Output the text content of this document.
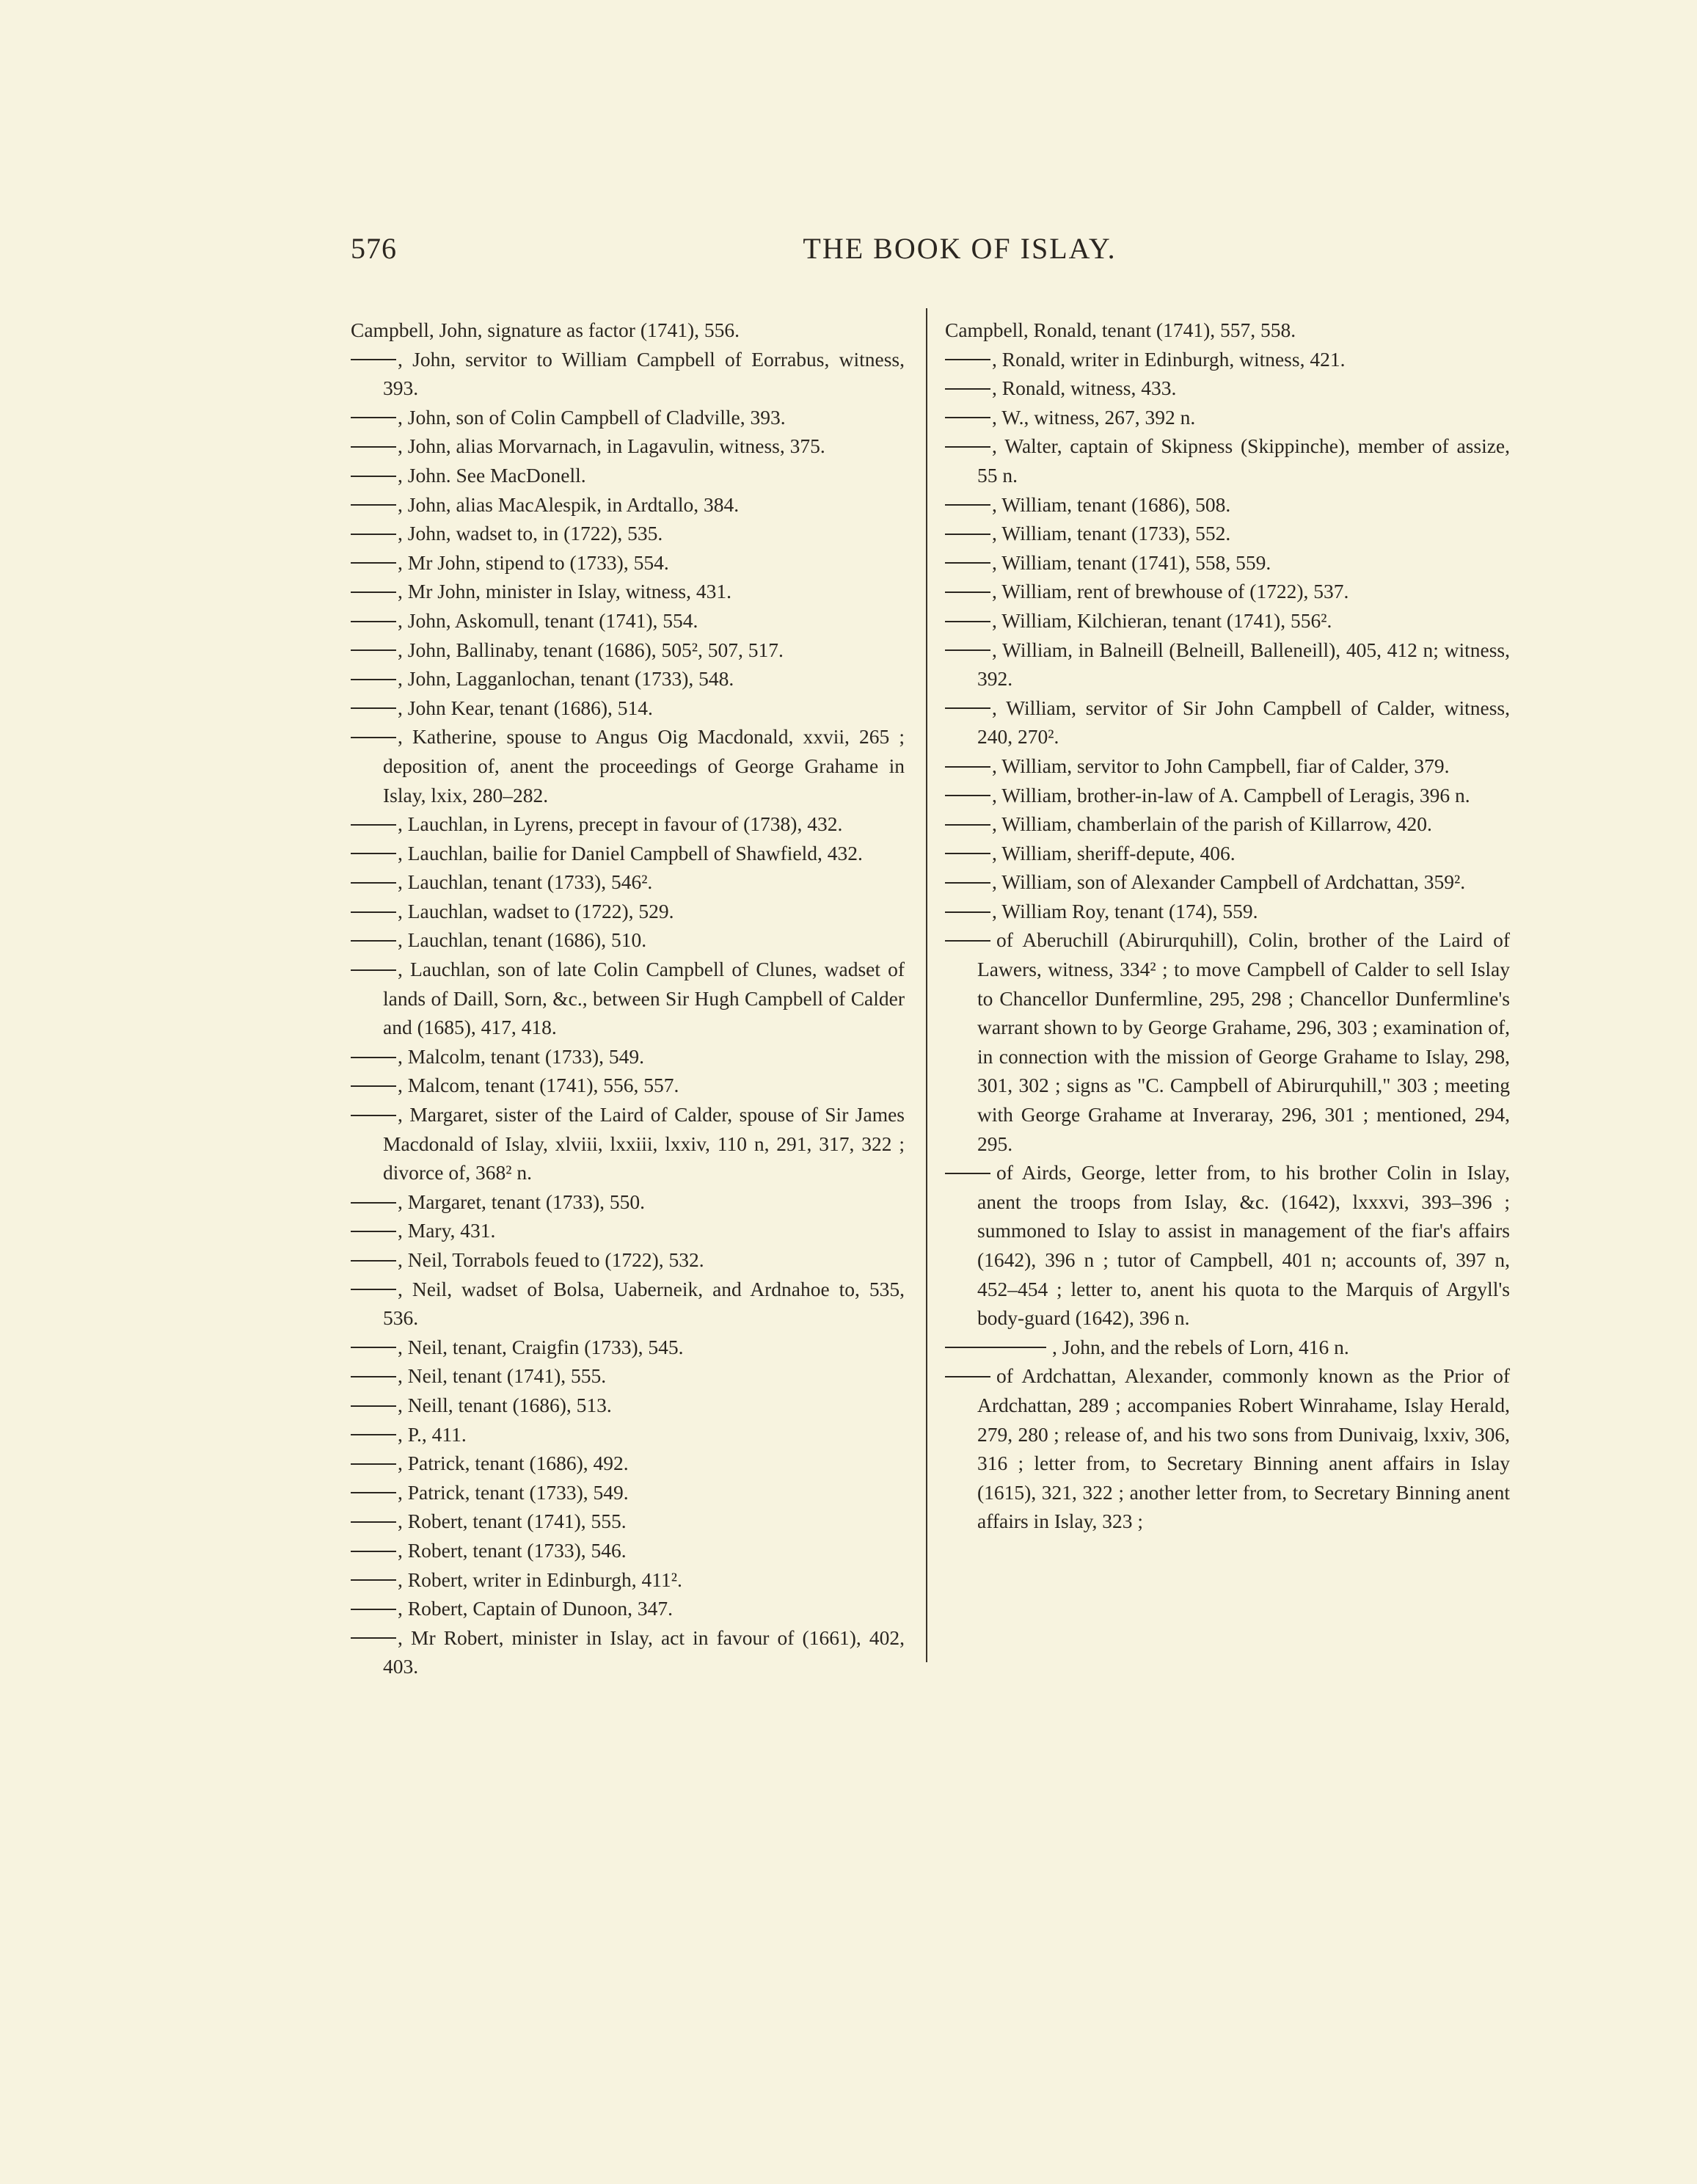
576	THE BOOK OF ISLAY.
Campbell, John, signature as factor (1741), 556.
, John, servitor to William Campbell of Eorrabus, witness, 393.
, John, son of Colin Campbell of Cladville, 393.
, John, alias Morvarnach, in Lagavulin, witness, 375.
, John. See MacDonell.
, John, alias MacAlespik, in Ardtallo, 384.
, John, wadset to, in (1722), 535.
, Mr John, stipend to (1733), 554.
, Mr John, minister in Islay, witness, 431.
, John, Askomull, tenant (1741), 554.
, John, Ballinaby, tenant (1686), 505², 507, 517.
, John, Lagganlochan, tenant (1733), 548.
, John Kear, tenant (1686), 514.
, Katherine, spouse to Angus Oig Macdonald, xxvii, 265 ; deposition of, anent the proceedings of George Grahame in Islay, lxix, 280–282.
, Lauchlan, in Lyrens, precept in favour of (1738), 432.
, Lauchlan, bailie for Daniel Campbell of Shawfield, 432.
, Lauchlan, tenant (1733), 546².
, Lauchlan, wadset to (1722), 529.
, Lauchlan, tenant (1686), 510.
, Lauchlan, son of late Colin Campbell of Clunes, wadset of lands of Daill, Sorn, &c., between Sir Hugh Campbell of Calder and (1685), 417, 418.
, Malcolm, tenant (1733), 549.
, Malcom, tenant (1741), 556, 557.
, Margaret, sister of the Laird of Calder, spouse of Sir James Macdonald of Islay, xlviii, lxxiii, lxxiv, 110 n, 291, 317, 322 ; divorce of, 368² n.
, Margaret, tenant (1733), 550.
, Mary, 431.
, Neil, Torrabols feued to (1722), 532.
, Neil, wadset of Bolsa, Uaberneik, and Ardnahoe to, 535, 536.
, Neil, tenant, Craigfin (1733), 545.
, Neil, tenant (1741), 555.
, Neill, tenant (1686), 513.
, P., 411.
, Patrick, tenant (1686), 492.
, Patrick, tenant (1733), 549.
, Robert, tenant (1741), 555.
, Robert, tenant (1733), 546.
, Robert, writer in Edinburgh, 411².
, Robert, Captain of Dunoon, 347.
, Mr Robert, minister in Islay, act in favour of (1661), 402, 403.
Campbell, Ronald, tenant (1741), 557, 558.
, Ronald, writer in Edinburgh, witness, 421.
, Ronald, witness, 433.
, W., witness, 267, 392 n.
, Walter, captain of Skipness (Skippinche), member of assize, 55 n.
, William, tenant (1686), 508.
, William, tenant (1733), 552.
, William, tenant (1741), 558, 559.
, William, rent of brewhouse of (1722), 537.
, William, Kilchieran, tenant (1741), 556².
, William, in Balneill (Belneill, Balleneill), 405, 412 n; witness, 392.
, William, servitor of Sir John Campbell of Calder, witness, 240, 270².
, William, servitor to John Campbell, fiar of Calder, 379.
, William, brother-in-law of A. Campbell of Leragis, 396 n.
, William, chamberlain of the parish of Killarrow, 420.
, William, sheriff-depute, 406.
, William, son of Alexander Campbell of Ardchattan, 359².
, William Roy, tenant (174), 559.
of Aberuchill (Abirurquhill), Colin, brother of the Laird of Lawers, witness, 334² ; to move Campbell of Calder to sell Islay to Chancellor Dunfermline, 295, 298 ; Chancellor Dunfermline's warrant shown to by George Grahame, 296, 303 ; examination of, in connection with the mission of George Grahame to Islay, 298, 301, 302 ; signs as "C. Campbell of Abirurquhill," 303 ; meeting with George Grahame at Inveraray, 296, 301 ; mentioned, 294, 295.
of Airds, George, letter from, to his brother Colin in Islay, anent the troops from Islay, &c. (1642), lxxxvi, 393–396 ; summoned to Islay to assist in management of the fiar's affairs (1642), 396 n ; tutor of Campbell, 401 n; accounts of, 397 n, 452–454 ; letter to, anent his quota to the Marquis of Argyll's body-guard (1642), 396 n.
, John, and the rebels of Lorn, 416 n.
of Ardchattan, Alexander, commonly known as the Prior of Ardchattan, 289 ; accompanies Robert Winrahame, Islay Herald, 279, 280 ; release of, and his two sons from Dunivaig, lxxiv, 306, 316 ; letter from, to Secretary Binning anent affairs in Islay (1615), 321, 322 ; another letter from, to Secretary Binning anent affairs in Islay, 323 ;
